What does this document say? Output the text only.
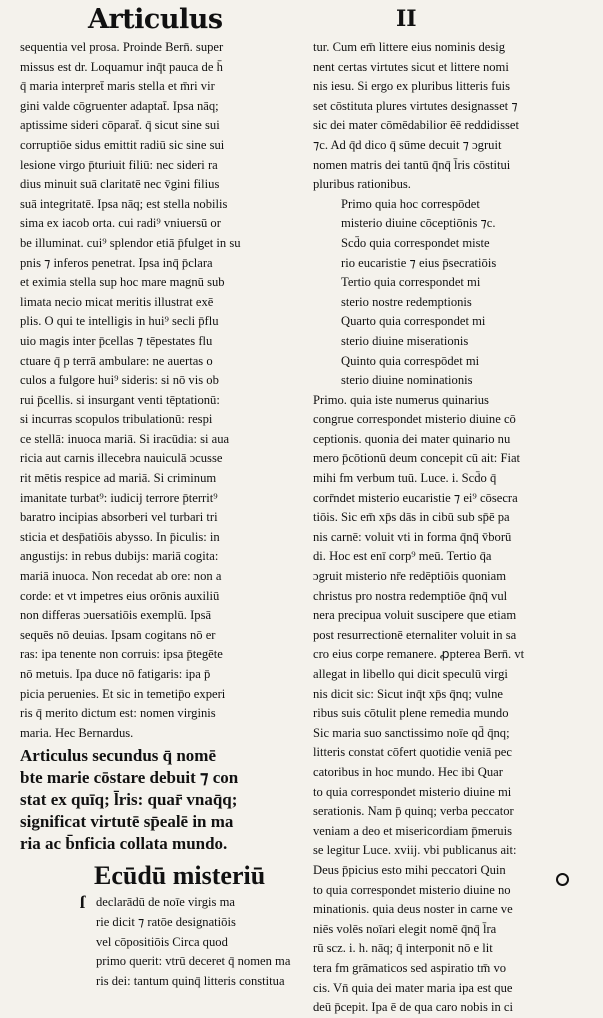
Articulus	II
sequentia vel prosa. Proinde Bern̄. super
missus est dr. Loquamur inq̄t pauca de h̄
q̄ maria interpret̄ maris stella et m̄ri vir
gini valde cōgruenter adaptat̄. Ipsa nāq;
aptissime sideri cōparat̄. q̄ sicut sine sui
corruptiōe sidus emittit radiū sic sine sui
lesione virgo p̄turiuit filiū: nec sideri ra
dius minuit suā claritatē nec v̄gini filius
suā integritatē. Ipsa nāq; est stella nobilis
sima ex iacob orta. cui radi⁹ vniuersū or
be illuminat. cui⁹ splendor etiā p̄fulget in su
pnis ⁊ inferos penetrat. Ipsa inq̄ p̄clara
et eximia stella sup hoc mare magnū sub
limata necio micat meritis illustrat exē
plis. O qui te intelligis in hui⁹ secli p̄flu
uio magis inter p̄cellas ⁊ tēpestates flu
ctuare q̄ p terrā ambulare: ne auertas o
culos a fulgore hui⁹ sideris: si nō vis ob
rui p̄cellis. si insurgant venti tēptationū:
si incurras scopulos tribulationū: respi
ce stellā: inuoca mariā. Si iracūdia: si aua
ricia aut carnis illecebra nauiculā ɔcusse
rit mētis respice ad mariā. Si criminum
imanitate turbat⁹: iudicij terrore p̄territ⁹
baratro incipias absorberi vel turbari tri
sticia et desp̄atiōis abysso. In p̄iculis: in
angustijs: in rebus dubijs: mariā cogita:
mariā inuoca. Non recedat ab ore: non a
corde: et vt impetres eius orōnis auxiliū
non differas ɔuersatiōis exemplū. Ipsā
sequēs nō deuias. Ipsam cogitans nō er
ras: ipa tenente non corruis: ipsa p̄tegēte
nō metuis. Ipa duce nō fatigaris: ipa p̄
picia peruenies. Et sic in temetip̄o experi
ris q̄ merito dictum est: nomen virginis
maria. Hec Bernardus.
Articulus secundus q̄ nomē
bte marie cōstare debuit ⁊ con
stat ex quīq; l̄ris: quar̄ vnaq̄q;
significat virtutē sp̄ealē in ma
ria ac b̄nficia collata mundo.
Ecūdū misteriū
ſ declarādū de noīe virgis ma
rie dicit ⁊ ratōe designatiōis
vel cōpositiōis Circa quod
primo querit: vtrū deceret q̄ nomen ma
ris dei: tantum quinq̄ litteris constitua
tur. Cum em̄ littere eius nominis desig
nent certas virtutes sicut et littere nomi
nis iesu. Si ergo ex pluribus litteris fuis
set cōstituta plures virtutes designasset ⁊
sic dei mater cōmēdabilior ēē reddidisset
⁊c. Ad q̄d dico q̄ sūme decuit ⁊ ɔgruit
nomen matris dei tantū q̄nq̄ l̄ris cōstitui
pluribus rationibus.
Primo quia hoc correspōdet
misterio diuine cōceptiōnis ⁊c.
Scd̄o quia correspondet miste
rio eucaristie ⁊ eius p̄secratiōis
Tertio quia correspondet mi
sterio nostre redemptionis
Quarto quia correspondet mi
sterio diuine miserationis
Quinto quia correspōdet mi
sterio diuine nominationis
Primo. quia iste numerus quinarius
congrue correspondet misterio diuine cō
ceptionis. quonia dei mater quinario nu
mero p̄cōtionū deum concepit cū ait: Fiat
mihi fm verbum tuū. Luce. i. Scd̄o q̄
corr̄ndet misterio eucaristie ⁊ ei⁹ cōsecra
tiōis. Sic em̄ xp̄s dās in cibū sub sp̄ē pa
nis carnē: voluit vti in forma q̄nq̄ v̄borū
di. Hoc est enī corp⁹ meū. Tertio q̄a
ɔgruit misterio nr̄e redēptiōis quoniam
christus pro nostra redemptiōe q̄nq̄ vul
nera precipua voluit suscipere que etiam
post resurrectionē eternaliter voluit in sa
cro eius corpe remanere. ꝓpterea Bern̄. vt
allegat in libello qui dicit speculū virgi
nis dicit sic: Sicut inq̄t xp̄s q̄nq; vulne
ribus suis cōtulit plene remedia mundo
Sic maria suo sanctissimo noīe qd̄ q̄nq;
litteris constat cōfert quotidie veniā pec
catoribus in hoc mundo. Hec ibi Quar
to quia correspondet misterio diuine mi
serationis. Nam p̄ quinq; verba peccator
veniam a deo et misericordiam p̄meruis
se legitur Luce. xviij. vbi publicanus ait:
Deus p̄picius esto mihi peccatori Quin
to quia correspondet misterio diuine no
minationis. quia deus noster in carne ve
niēs volēs noīari elegit nomē q̄nq̄ l̄ra
rū scz. i. h. nāq; q̄ interponit nō e lit
tera fm grāmaticos sed aspiratio tm̄ vo
cis. Vn̄ quia dei mater maria ipa est que
deū p̄cepit. Ipa ē de qua caro nobis in ci
